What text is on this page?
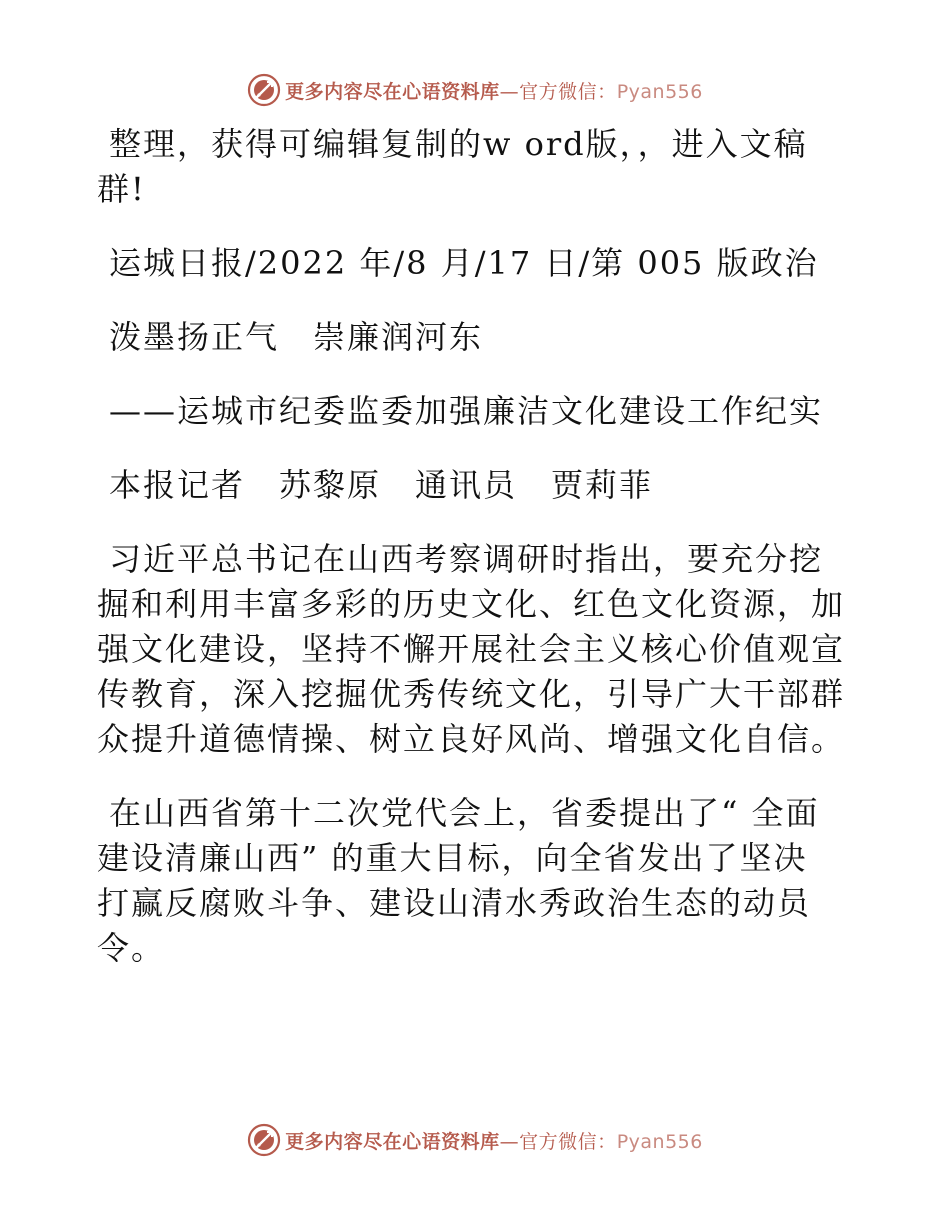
更多内容尽在心语资料库—官方微信：Pyan556
整理，获得可编辑复制的w ord版，，进入文稿
群!
运城日报/2022 年/8 月/17 日/第 005 版政治
泼墨扬正气　崇廉润河东
——运城市纪委监委加强廉洁文化建设工作纪实
本报记者　苏黎原　通讯员　贾莉菲
习近平总书记在山西考察调研时指出，要充分挖
掘和利用丰富多彩的历史文化、红色文化资源，加
强文化建设，坚持不懈开展社会主义核心价值观宣
传教育，深入挖掘优秀传统文化，引导广大干部群
众提升道德情操、树立良好风尚、增强文化自信。
在山西省第十二次党代会上，省委提出了“ 全面
建设清廉山西” 的重大目标，向全省发出了坚决
打赢反腐败斗争、建设山清水秀政治生态的动员
令。
更多内容尽在心语资料库—官方微信：Pyan556
